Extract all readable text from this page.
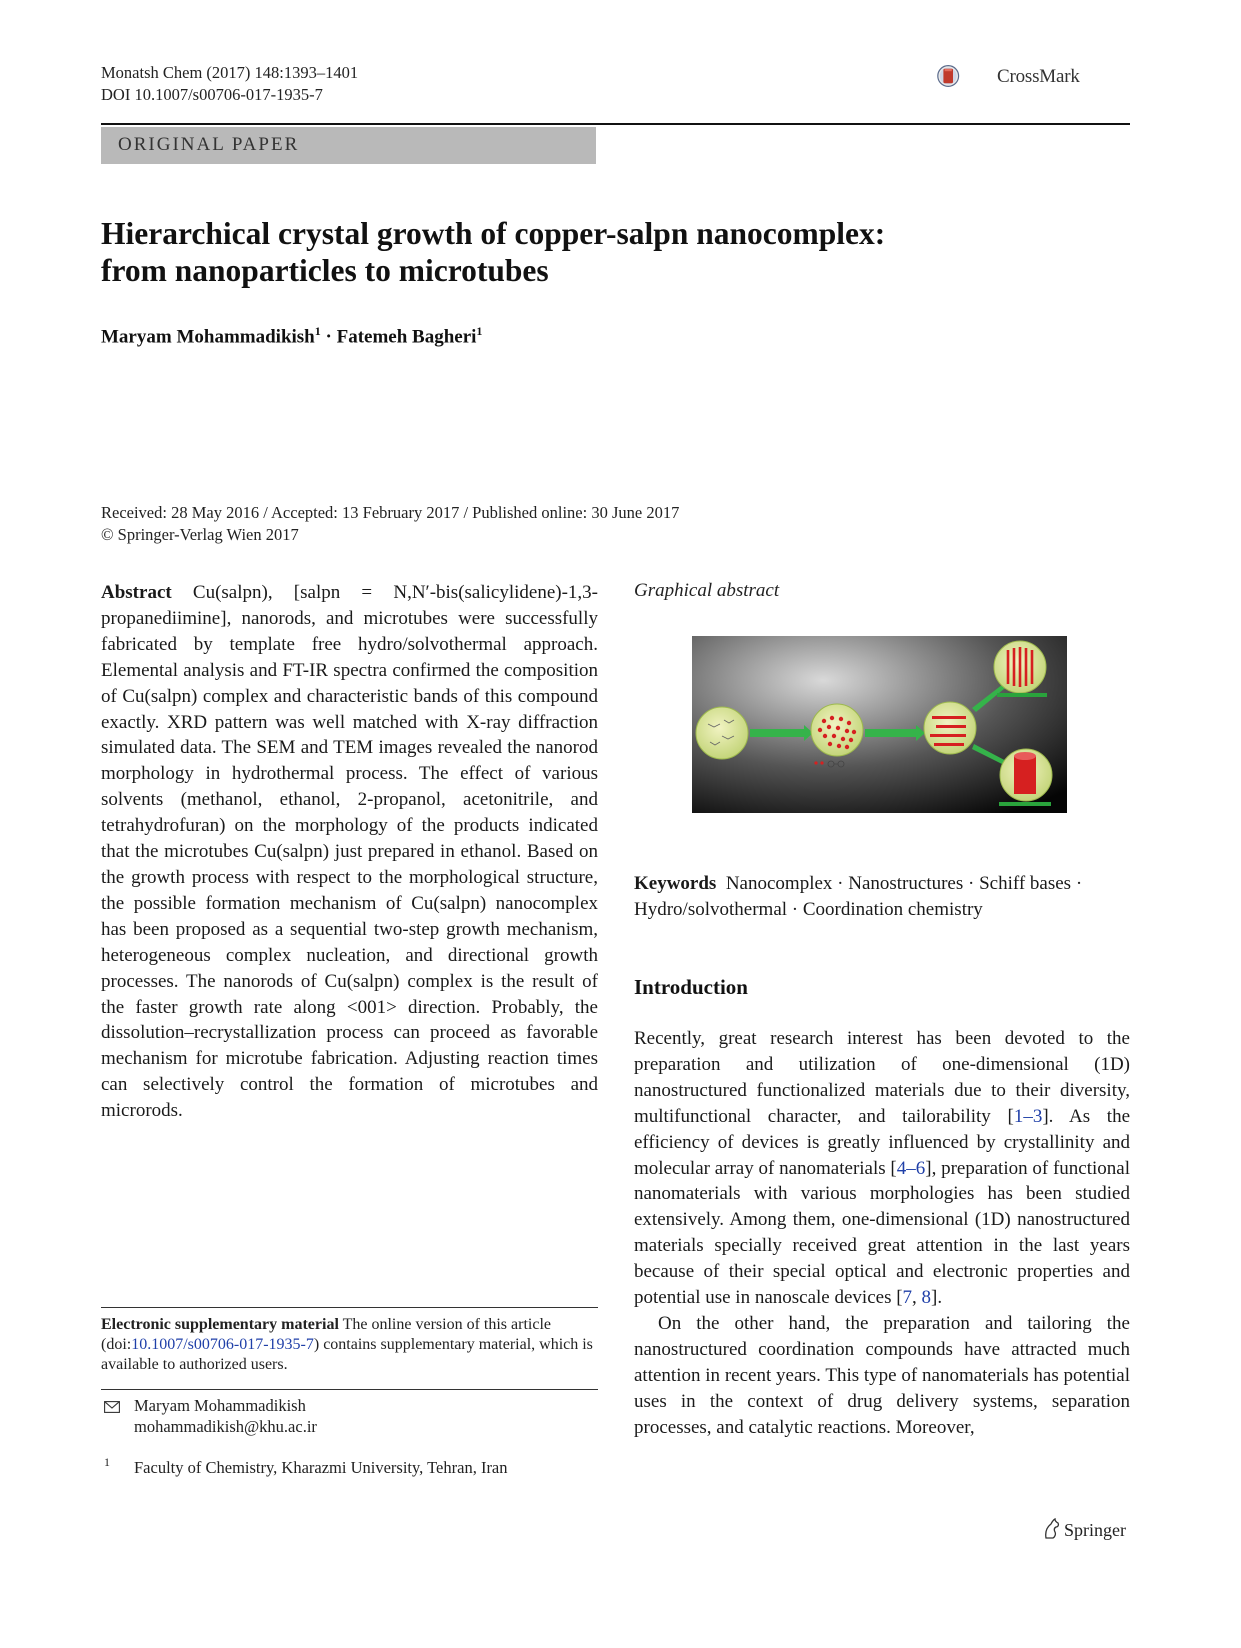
Monatsh Chem (2017) 148:1393–1401
DOI 10.1007/s00706-017-1935-7
CrossMark
ORIGINAL PAPER
Hierarchical crystal growth of copper-salpn nanocomplex:
from nanoparticles to microtubes
Maryam Mohammadikish$^1$ · Fatemeh Bagheri$^1$
Received: 28 May 2016 / Accepted: 13 February 2017 / Published online: 30 June 2017
© Springer-Verlag Wien 2017
Abstract Cu(salpn), [salpn = N,N′-bis(salicylidene)-1,3-propanediimine], nanorods, and microtubes were successfully fabricated by template free hydro/solvothermal approach. Elemental analysis and FT-IR spectra confirmed the composition of Cu(salpn) complex and characteristic bands of this compound exactly. XRD pattern was well matched with X-ray diffraction simulated data. The SEM and TEM images revealed the nanorod morphology in hydrothermal process. The effect of various solvents (methanol, ethanol, 2-propanol, acetonitrile, and tetrahydrofuran) on the morphology of the products indicated that the microtubes Cu(salpn) just prepared in ethanol. Based on the growth process with respect to the morphological structure, the possible formation mechanism of Cu(salpn) nanocomplex has been proposed as a sequential two-step growth mechanism, heterogeneous complex nucleation, and directional growth processes. The nanorods of Cu(salpn) complex is the result of the faster growth rate along <001> direction. Probably, the dissolution–recrystallization process can proceed as favorable mechanism for microtube fabrication. Adjusting reaction times can selectively control the formation of microtubes and microrods.
Graphical abstract
Keywords Nanocomplex · Nanostructures · Schiff bases · Hydro/solvothermal · Coordination chemistry
Introduction

Recently, great research interest has been devoted to the preparation and utilization of one-dimensional (1D) nanostructured functionalized materials due to their diversity, multifunctional character, and tailorability [1–3]. As the efficiency of devices is greatly influenced by crystallinity and molecular array of nanomaterials [4–6], preparation of functional nanomaterials with various morphologies has been studied extensively. Among them, one-dimensional (1D) nanostructured materials specially received great attention in the last years because of their special optical and electronic properties and potential use in nanoscale devices [7, 8].

On the other hand, the preparation and tailoring the nanostructured coordination compounds have attracted much attention in recent years. This type of nanomaterials has potential uses in the context of drug delivery systems, separation processes, and catalytic reactions. Moreover,

Electronic supplementary material The online version of this article (doi:10.1007/s00706-017-1935-7) contains supplementary material, which is available to authorized users.
Maryam Mohammadikish
mohammadikish@khu.ac.ir
1 Faculty of Chemistry, Kharazmi University, Tehran, Iran
Springer
